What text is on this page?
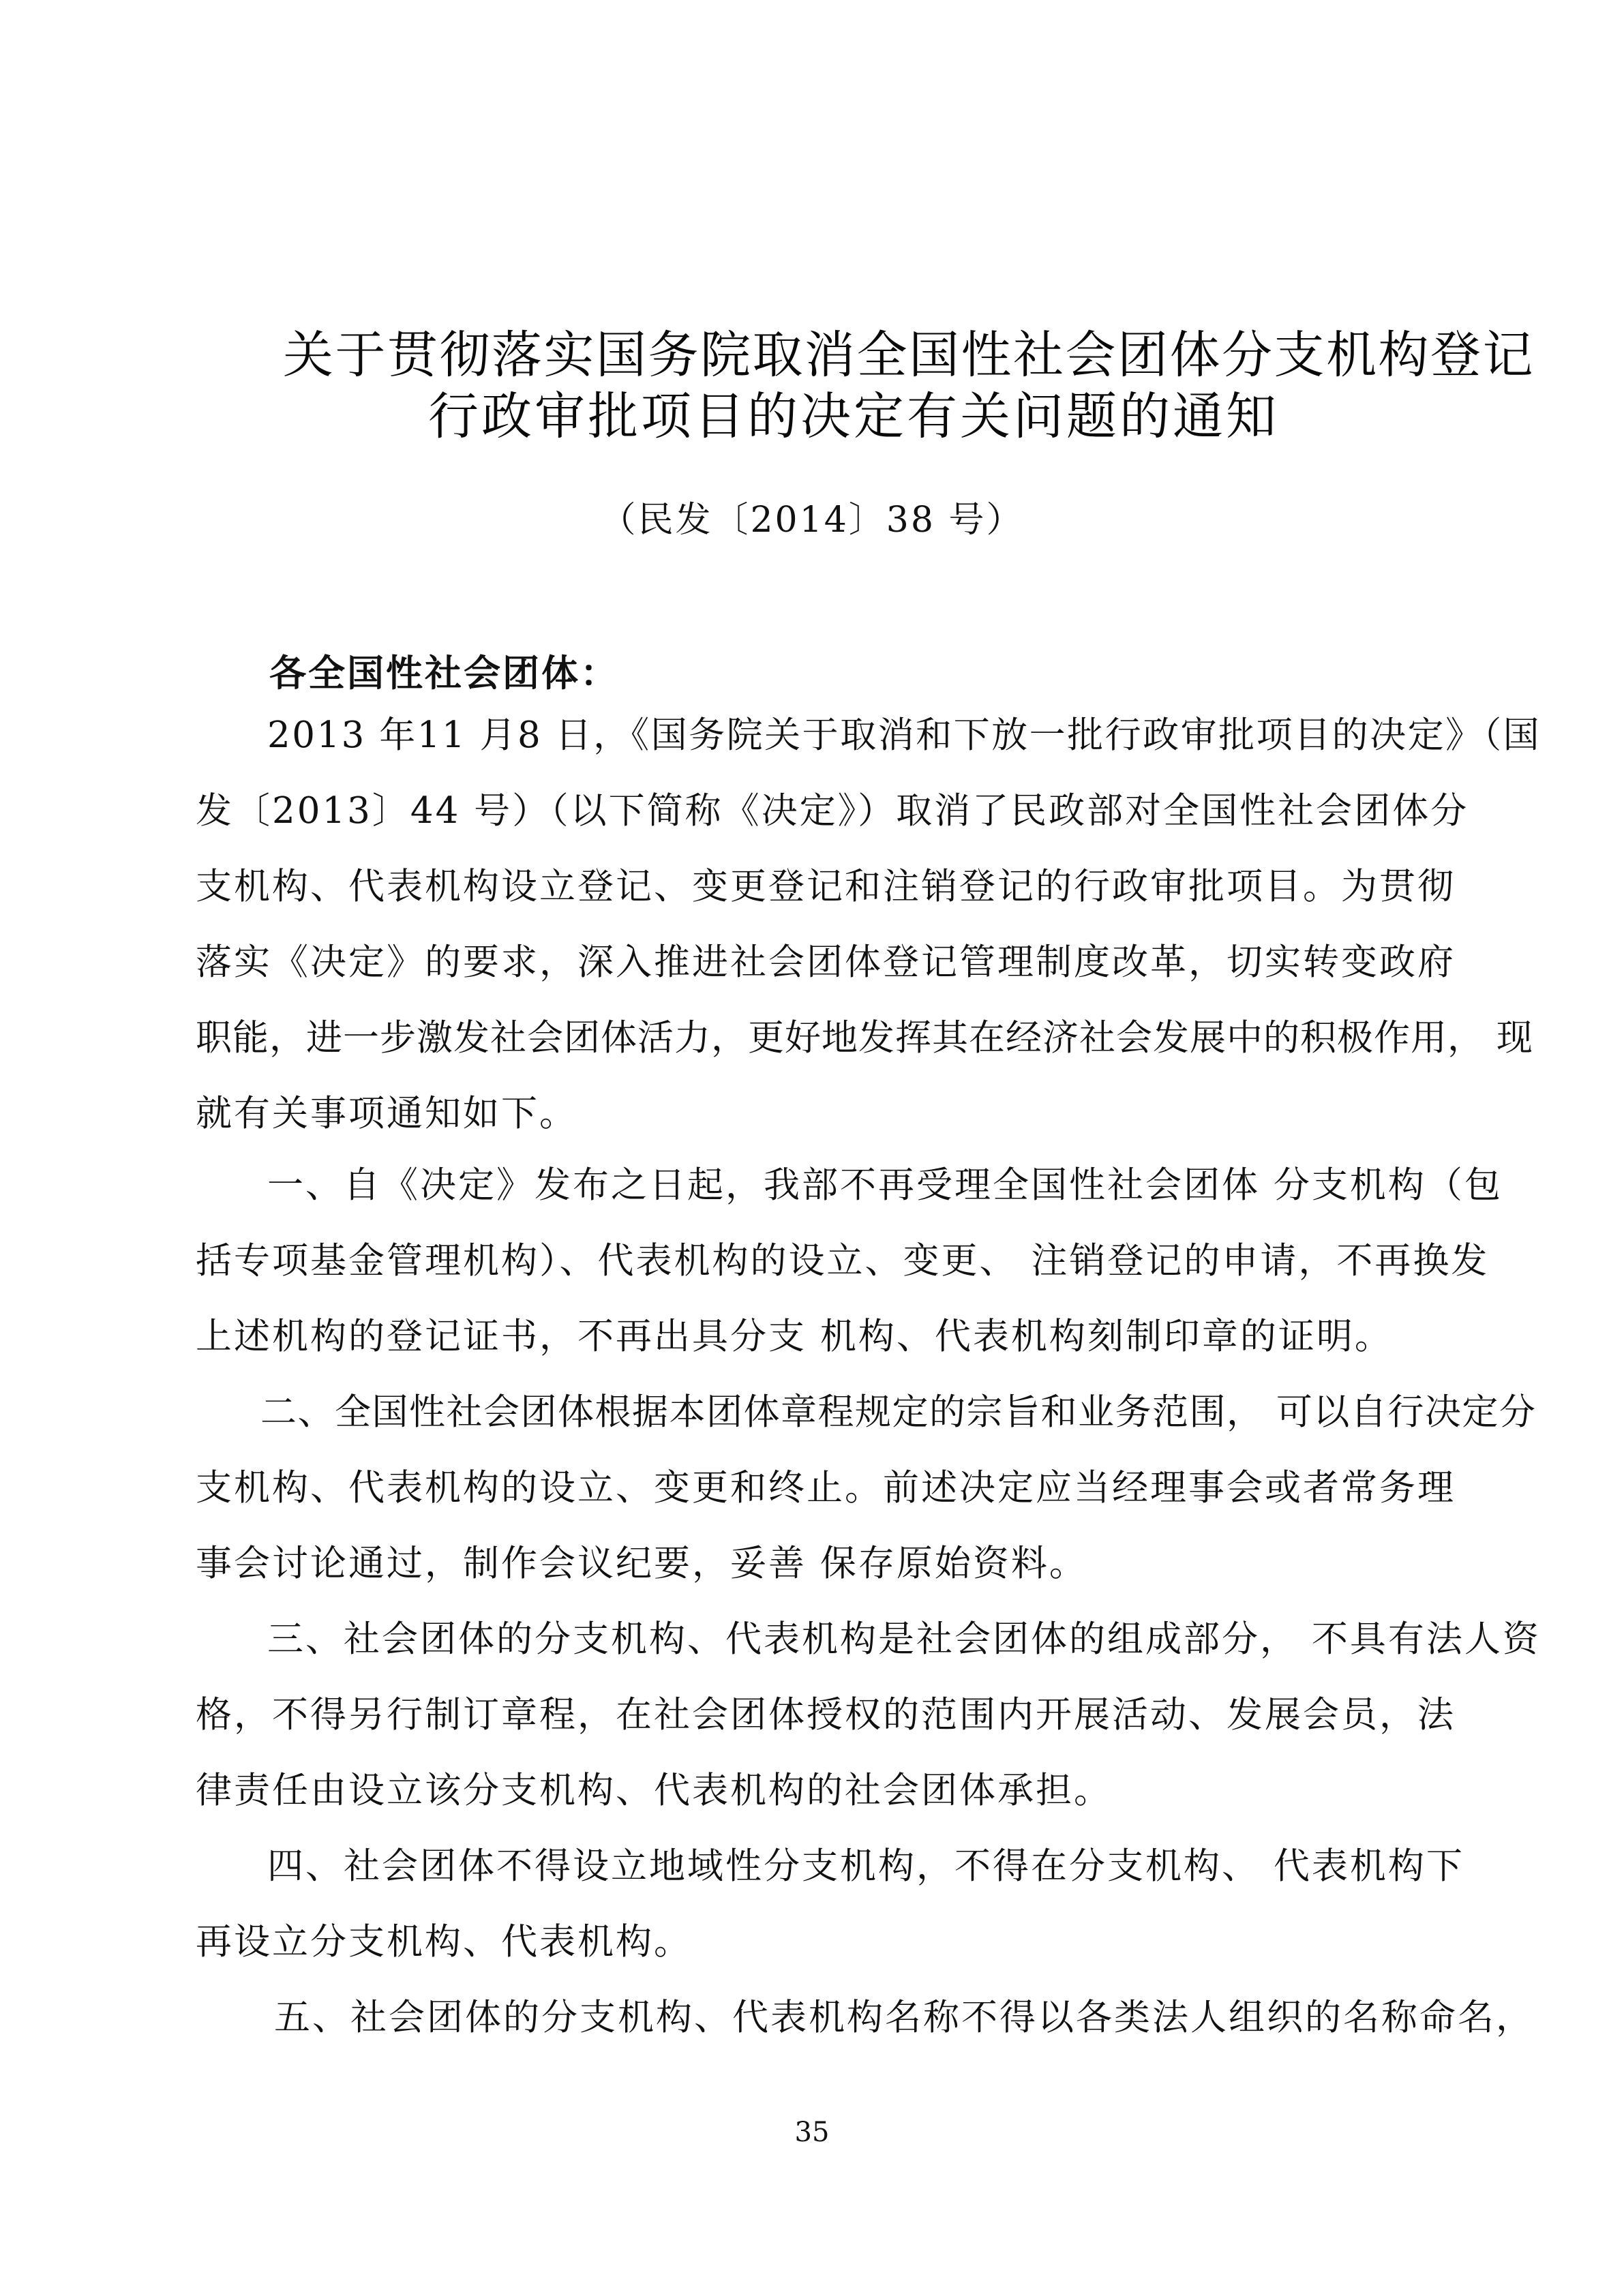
关于贯彻落实国务院取消全国性社会团体分支机构登记
行政审批项目的决定有关问题的通知
（民发〔2014〕38 号）
各全国性社会团体：
2013 年11 月8 日，《国务院关于取消和下放一批行政审批项目的决定》（国
发〔2013〕44 号）（以下简称《决定》）取消了民政部对全国性社会团体分
支机构、代表机构设立登记、变更登记和注销登记的行政审批项目。为贯彻
落实《决定》的要求，深入推进社会团体登记管理制度改革，切实转变政府
职能，进一步激发社会团体活力，更好地发挥其在经济社会发展中的积极作用， 现
就有关事项通知如下。
一、自《决定》发布之日起，我部不再受理全国性社会团体 分支机构（包
括专项基金管理机构）、代表机构的设立、变更、 注销登记的申请，不再换发
上述机构的登记证书，不再出具分支 机构、代表机构刻制印章的证明。
二、全国性社会团体根据本团体章程规定的宗旨和业务范围， 可以自行决定分
支机构、代表机构的设立、变更和终止。前述决定应当经理事会或者常务理
事会讨论通过，制作会议纪要，妥善 保存原始资料。
三、社会团体的分支机构、代表机构是社会团体的组成部分， 不具有法人资
格，不得另行制订章程，在社会团体授权的范围内开展活动、发展会员，法
律责任由设立该分支机构、代表机构的社会团体承担。
四、社会团体不得设立地域性分支机构，不得在分支机构、 代表机构下
再设立分支机构、代表机构。
五、社会团体的分支机构、代表机构名称不得以各类法人组织的名称命名，
35
